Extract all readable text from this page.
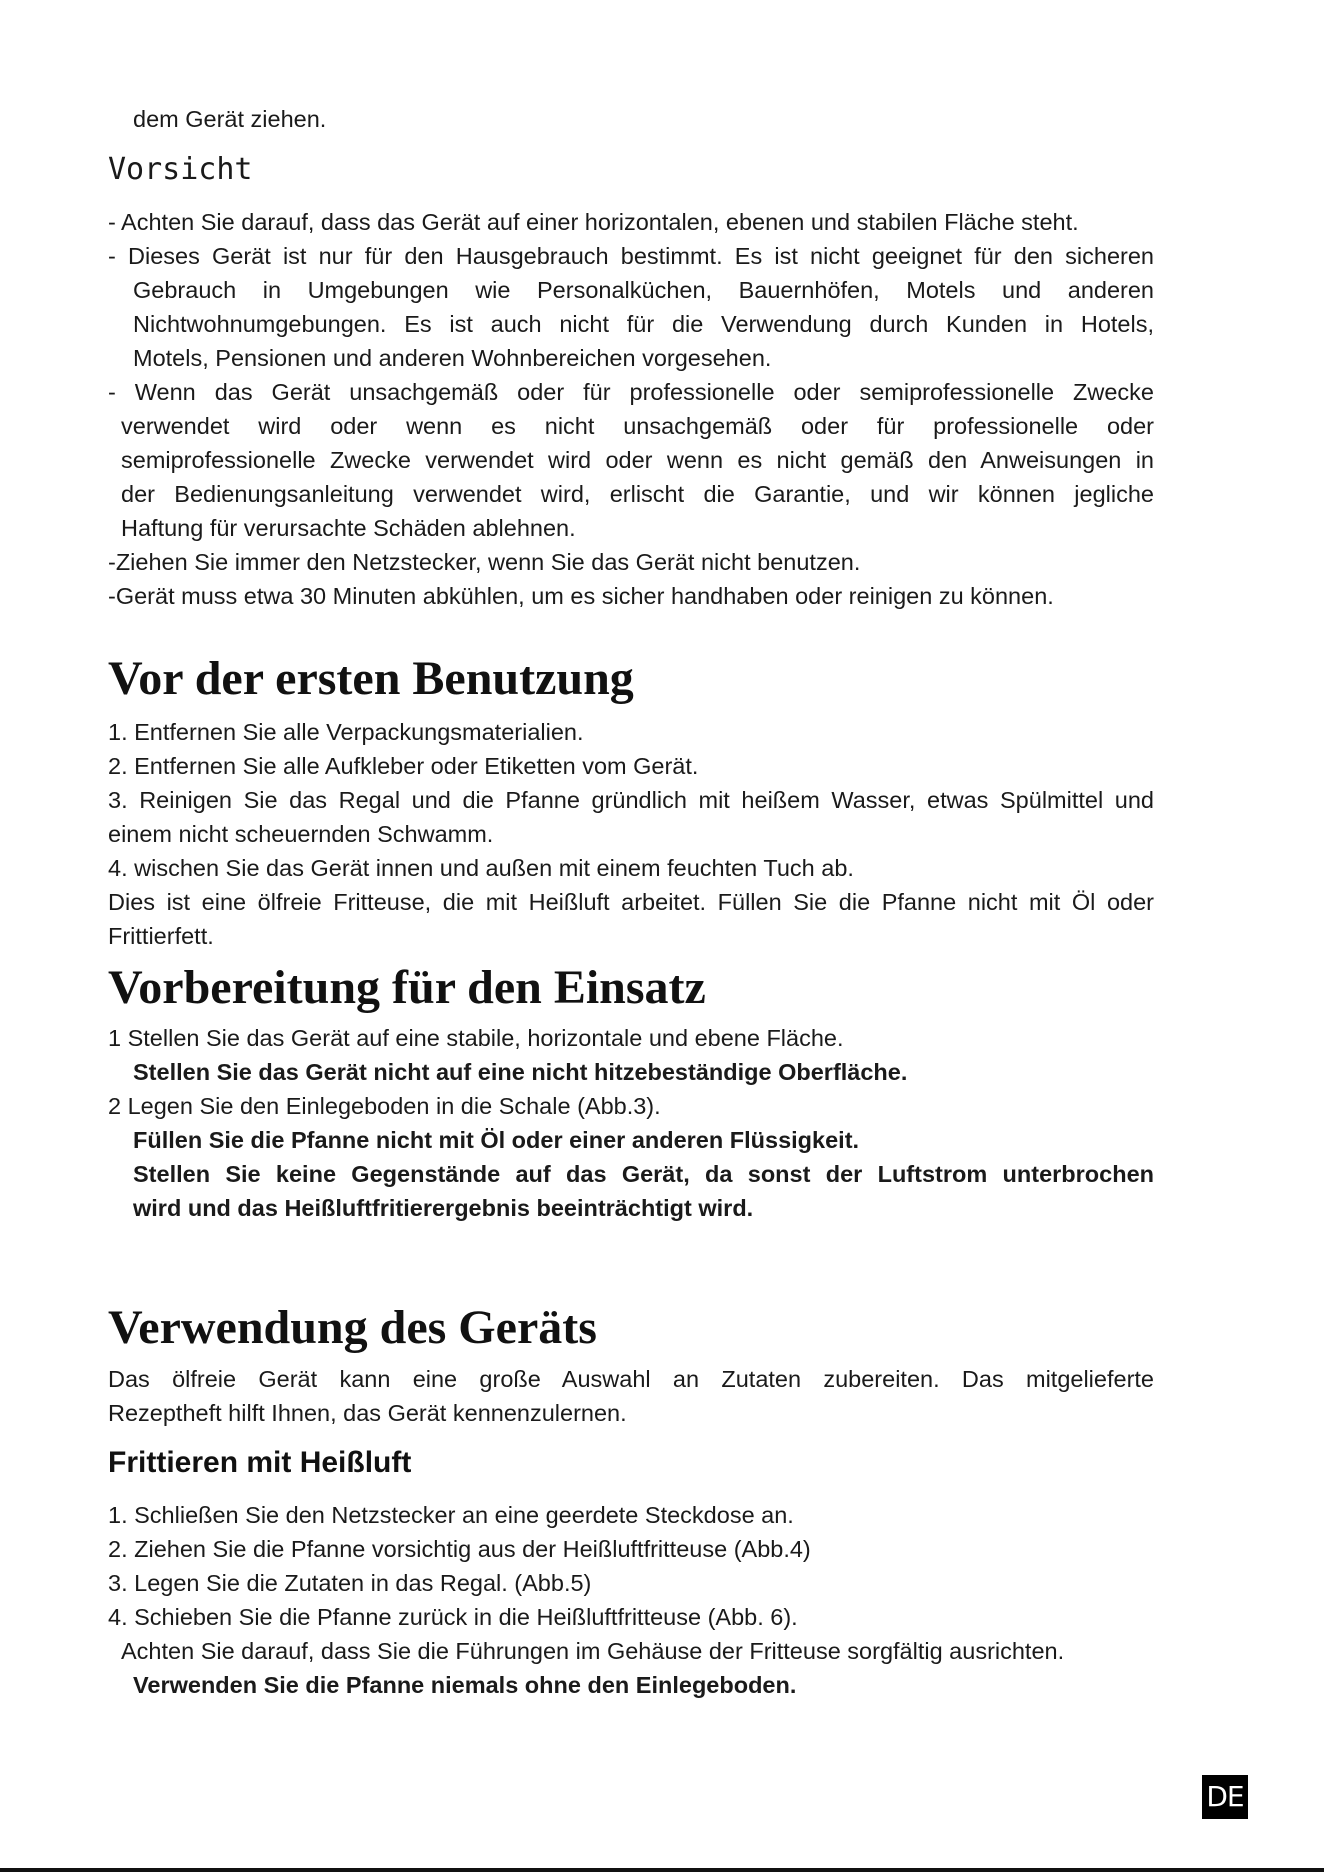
dem Gerät ziehen.
Vorsicht
- Achten Sie darauf, dass das Gerät auf einer horizontalen, ebenen und stabilen Fläche steht.
- Dieses Gerät ist nur für den Hausgebrauch bestimmt. Es ist nicht geeignet für den sicheren
Gebrauch in Umgebungen wie Personalküchen, Bauernhöfen, Motels und anderen
Nichtwohnumgebungen. Es ist auch nicht für die Verwendung durch Kunden in Hotels,
Motels, Pensionen und anderen Wohnbereichen vorgesehen.
- Wenn das Gerät unsachgemäß oder für professionelle oder semiprofessionelle Zwecke
verwendet wird oder wenn es nicht unsachgemäß oder für professionelle oder
semiprofessionelle Zwecke verwendet wird oder wenn es nicht gemäß den Anweisungen in
der Bedienungsanleitung verwendet wird, erlischt die Garantie, und wir können jegliche
Haftung für verursachte Schäden ablehnen.
-Ziehen Sie immer den Netzstecker, wenn Sie das Gerät nicht benutzen.
-Gerät muss etwa 30 Minuten abkühlen, um es sicher handhaben oder reinigen zu können.
Vor der ersten Benutzung
1. Entfernen Sie alle Verpackungsmaterialien.
2. Entfernen Sie alle Aufkleber oder Etiketten vom Gerät.
3. Reinigen Sie das Regal und die Pfanne gründlich mit heißem Wasser, etwas Spülmittel und
einem nicht scheuernden Schwamm.
4. wischen Sie das Gerät innen und außen mit einem feuchten Tuch ab.
Dies ist eine ölfreie Fritteuse, die mit Heißluft arbeitet. Füllen Sie die Pfanne nicht mit Öl oder
Frittierfett.
Vorbereitung für den Einsatz
1 Stellen Sie das Gerät auf eine stabile, horizontale und ebene Fläche.
Stellen Sie das Gerät nicht auf eine nicht hitzebeständige Oberfläche.
2 Legen Sie den Einlegeboden in die Schale (Abb.3).
Füllen Sie die Pfanne nicht mit Öl oder einer anderen Flüssigkeit.
Stellen Sie keine Gegenstände auf das Gerät, da sonst der Luftstrom unterbrochen
wird und das Heißluftfritierergebnis beeinträchtigt wird.
Verwendung des Geräts
Das ölfreie Gerät kann eine große Auswahl an Zutaten zubereiten. Das mitgelieferte
Rezeptheft hilft Ihnen, das Gerät kennenzulernen.
Frittieren mit Heißluft
1. Schließen Sie den Netzstecker an eine geerdete Steckdose an.
2. Ziehen Sie die Pfanne vorsichtig aus der Heißluftfritteuse (Abb.4)
3. Legen Sie die Zutaten in das Regal. (Abb.5)
4. Schieben Sie die Pfanne zurück in die Heißluftfritteuse (Abb. 6).
Achten Sie darauf, dass Sie die Führungen im Gehäuse der Fritteuse sorgfältig ausrichten.
Verwenden Sie die Pfanne niemals ohne den Einlegeboden.
DE
